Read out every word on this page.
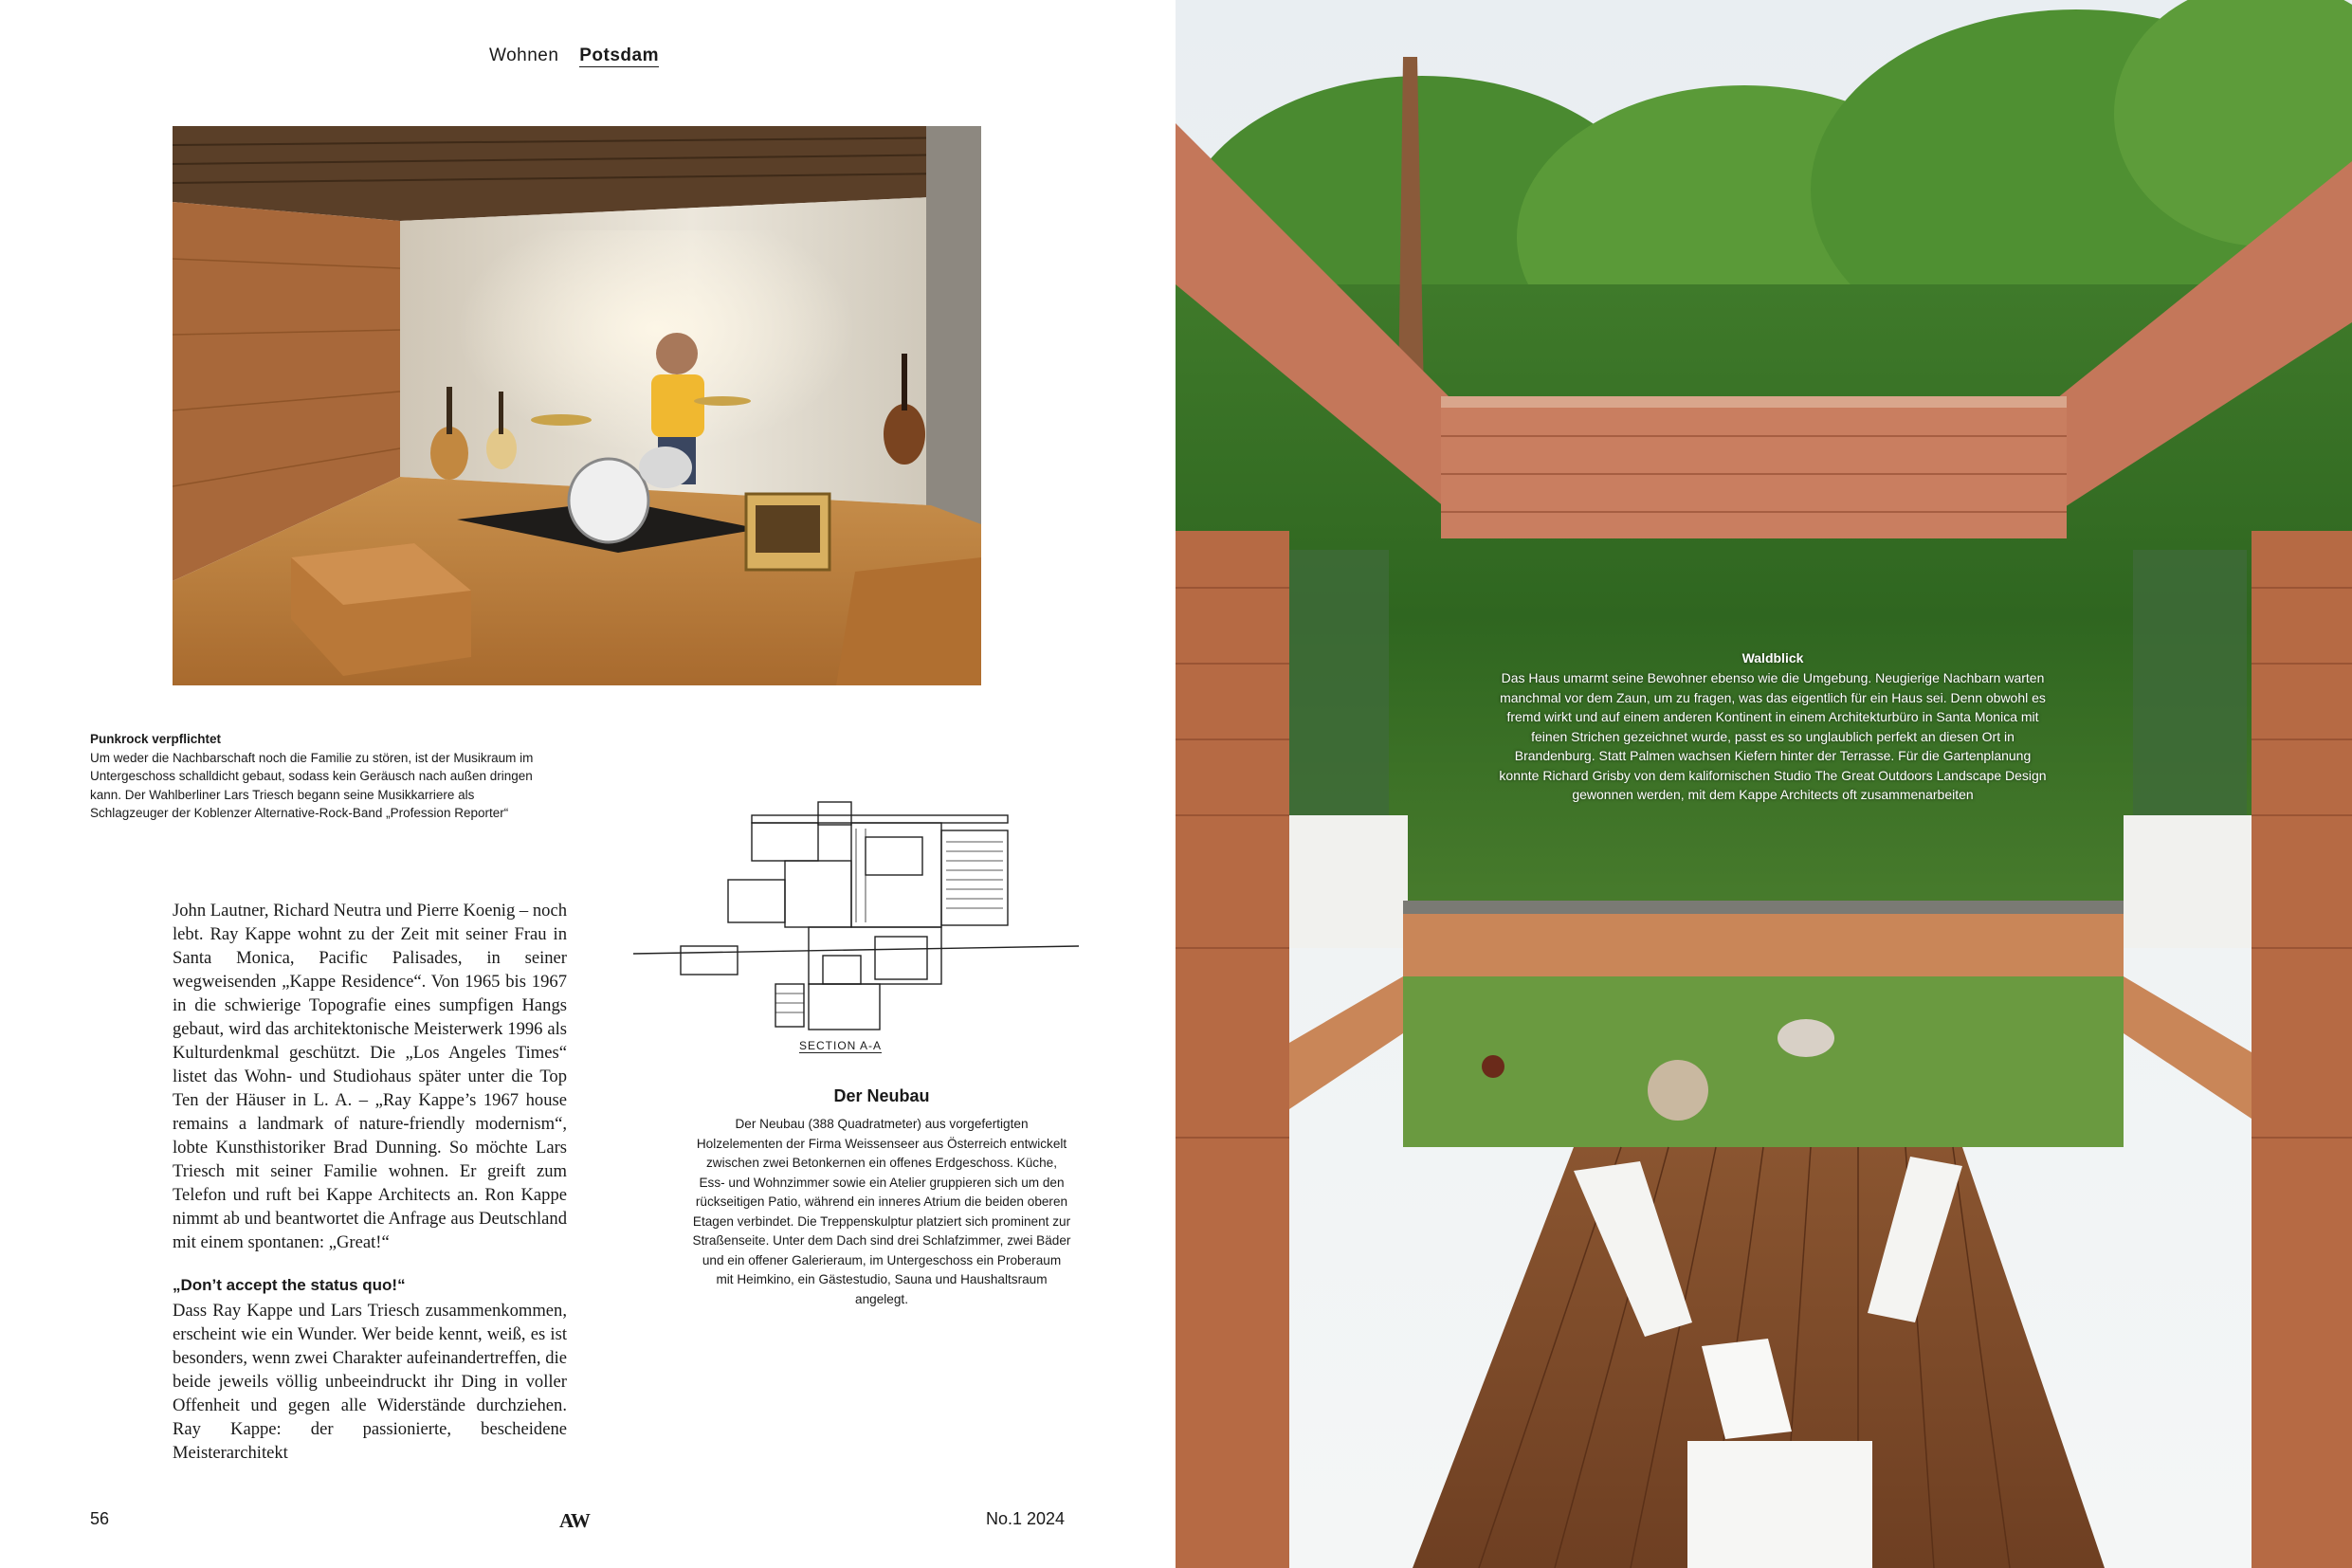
Wohnen Potsdam
Punkrock verpflichtet
Um weder die Nachbarschaft noch die Familie zu stören, ist der Musikraum im Untergeschoss schalldicht gebaut, sodass kein Geräusch nach außen dringen kann. Der Wahlberliner Lars Triesch begann seine Musikkarriere als Schlagzeuger der Koblenzer Alternative-Rock-Band „Profession Reporter“

John Lautner, Richard Neutra und Pierre Koenig – noch lebt. Ray Kappe wohnt zu der Zeit mit seiner Frau in Santa Monica, Pacific Palisades, in seiner wegweisenden „Kappe Residence“. Von 1965 bis 1967 in die schwierige Topografie eines sumpfigen Hangs gebaut, wird das architektonische Meisterwerk 1996 als Kulturdenkmal geschützt. Die „Los Angeles Times“ listet das Wohn- und Studiohaus später unter die Top Ten der Häuser in L. A. – „Ray Kappe’s 1967 house remains a landmark of nature-friendly modernism“, lobte Kunsthistoriker Brad Dunning. So möchte Lars Triesch mit seiner Familie wohnen. Er greift zum Telefon und ruft bei Kappe Architects an. Ron Kappe nimmt ab und beantwortet die Anfrage aus Deutschland mit einem spontanen: „Great!“

„Don’t accept the status quo!“

Dass Ray Kappe und Lars Triesch zusammenkommen, erscheint wie ein Wunder. Wer beide kennt, weiß, es ist besonders, wenn zwei Charakter aufeinandertreffen, die beide jeweils völlig unbeeindruckt ihr Ding in voller Offenheit und gegen alle Widerstände durchziehen. Ray Kappe: der passionierte, bescheidene Meisterarchitekt

SECTION A-A
Der Neubau
Der Neubau (388 Quadratmeter) aus vorgefertigten Holzelementen der Firma Weissenseer aus Österreich entwickelt zwischen zwei Betonkernen ein offenes Erdgeschoss. Küche, Ess- und Wohnzimmer sowie ein Atelier gruppieren sich um den rückseitigen Patio, während ein inneres Atrium die beiden oberen Etagen verbindet. Die Treppenskulptur platziert sich prominent zur Straßenseite. Unter dem Dach sind drei Schlafzimmer, zwei Bäder und ein offener Galerieraum, im Untergeschoss ein Proberaum mit Heimkino, ein Gästestudio, Sauna und Haushaltsraum angelegt.
56	AW	No.1 2024
Waldblick
Das Haus umarmt seine Bewohner ebenso wie die Umgebung. Neugierige Nachbarn warten manchmal vor dem Zaun, um zu fragen, was das eigentlich für ein Haus sei. Denn obwohl es fremd wirkt und auf einem anderen Kontinent in einem Architekturbüro in Santa Monica mit feinen Strichen gezeichnet wurde, passt es so unglaublich perfekt an diesen Ort in Brandenburg. Statt Palmen wachsen Kiefern hinter der Terrasse. Für die Gartenplanung konnte Richard Grisby von dem kalifornischen Studio The Great Outdoors Landscape Design gewonnen werden, mit dem Kappe Architects oft zusammenarbeiten
